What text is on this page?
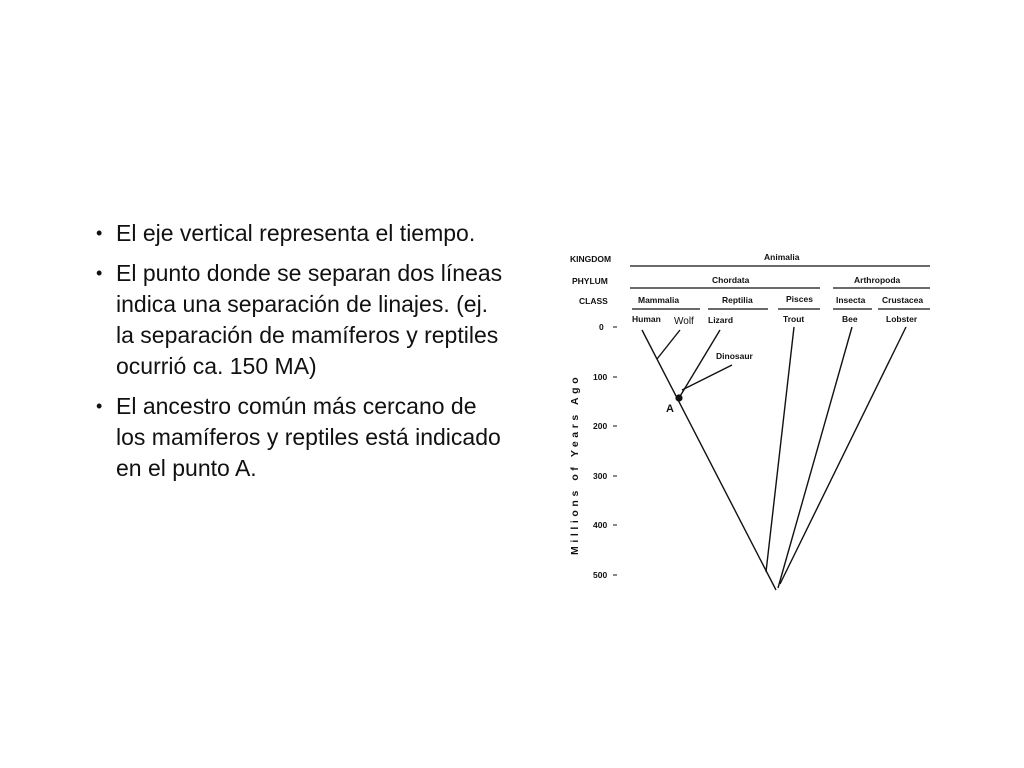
• El eje vertical representa el tiempo.
• El punto donde se separan dos líneas indica una separación de linajes. (ej. la separación de mamíferos y reptiles ocurrió ca. 150 MA)
• El ancestro común más cercano de los mamíferos y reptiles está indicado en el punto A.
KINGDOM
PHYLUM
CLASS
Animalia
Chordata	Arthropoda
Mammalia	Reptilia	Pisces	Insecta Crustacea
Human Wolf Lizard	Trout	Bee	Lobster
0
100
200
300
400
500
Millions of Years Ago
Dinosaur
A
